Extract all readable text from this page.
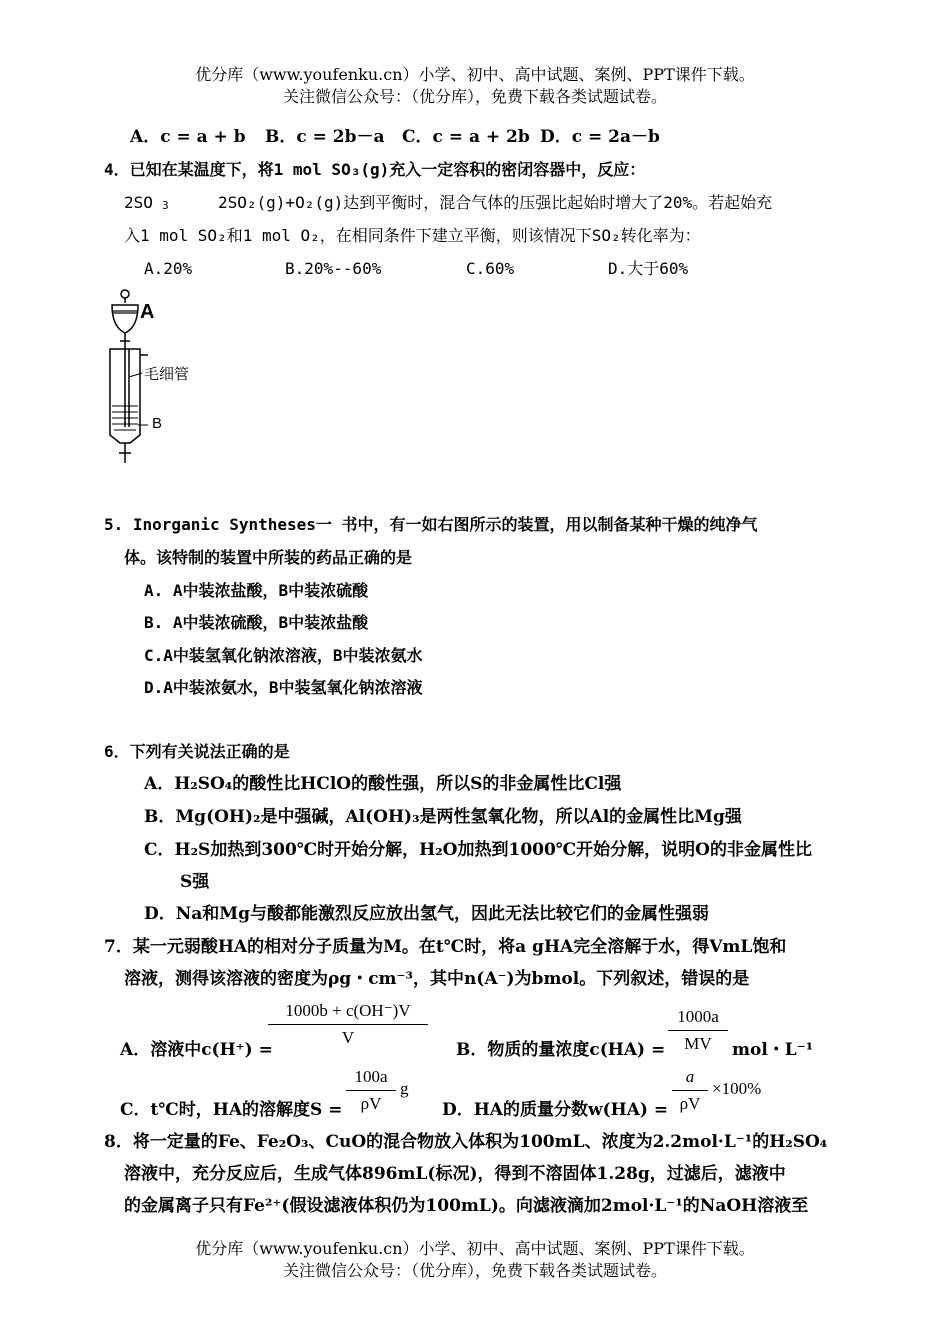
优分库（www.youfenku.cn）小学、初中、高中试题、案例、PPT课件下载。
关注微信公众号：（优分库），免费下载各类试题试卷。
A．c = a + b B．c = 2b－a C．c = a + 2b D．c = 2a－b
4．已知在某温度下，将1 mol SO₃(g)充入一定容积的密闭容器中，反应：
2SO 3	2SO₂(g)+O₂(g)达到平衡时，混合气体的压强比起始时增大了20%。若起始充
入1 mol SO₂和1 mol O₂，在相同条件下建立平衡，则该情况下SO₂转化率为：
A.20%	B.20%--60%	C.60%	D.大于60%
A
毛细管
B
5. Inorganic Syntheses一 书中，有一如右图所示的装置，用以制备某种干燥的纯净气
体。该特制的装置中所装的药品正确的是
A. A中装浓盐酸，B中装浓硫酸
B. A中装浓硫酸，B中装浓盐酸
C.A中装氢氧化钠浓溶液，B中装浓氨水
D.A中装浓氨水，B中装氢氧化钠浓溶液
6．下列有关说法正确的是
A．H₂SO₄的酸性比HClO的酸性强，所以S的非金属性比Cl强
B．Mg(OH)₂是中强碱，Al(OH)₃是两性氢氧化物，所以Al的金属性比Mg强
C．H₂S加热到300℃时开始分解，H₂O加热到1000℃开始分解，说明O的非金属性比
S强
D．Na和Mg与酸都能激烈反应放出氢气，因此无法比较它们的金属性强弱
7．某一元弱酸HA的相对分子质量为M。在t℃时，将a gHA完全溶解于水，得VmL饱和
溶液，测得该溶液的密度为ρg・cm⁻³，其中n(A⁻)为bmol。下列叙述，错误的是
A．溶液中c(H⁺) =
1000b + c(OH⁻)V
V
B．物质的量浓度c(HA) =
1000a
MV	mol・L⁻¹
C．t℃时，HA的溶解度S =
100a
ρV
g
D．HA的质量分数w(HA) =
a
ρV
×100%
8．将一定量的Fe、Fe₂O₃、CuO的混合物放入体积为100mL、浓度为2.2mol·L⁻¹的H₂SO₄
溶液中，充分反应后，生成气体896mL(标况)，得到不溶固体1.28g，过滤后，滤液中
的金属离子只有Fe²⁺(假设滤液体积仍为100mL)。向滤液滴加2mol·L⁻¹的NaOH溶液至
优分库（www.youfenku.cn）小学、初中、高中试题、案例、PPT课件下载。
关注微信公众号：（优分库），免费下载各类试题试卷。
